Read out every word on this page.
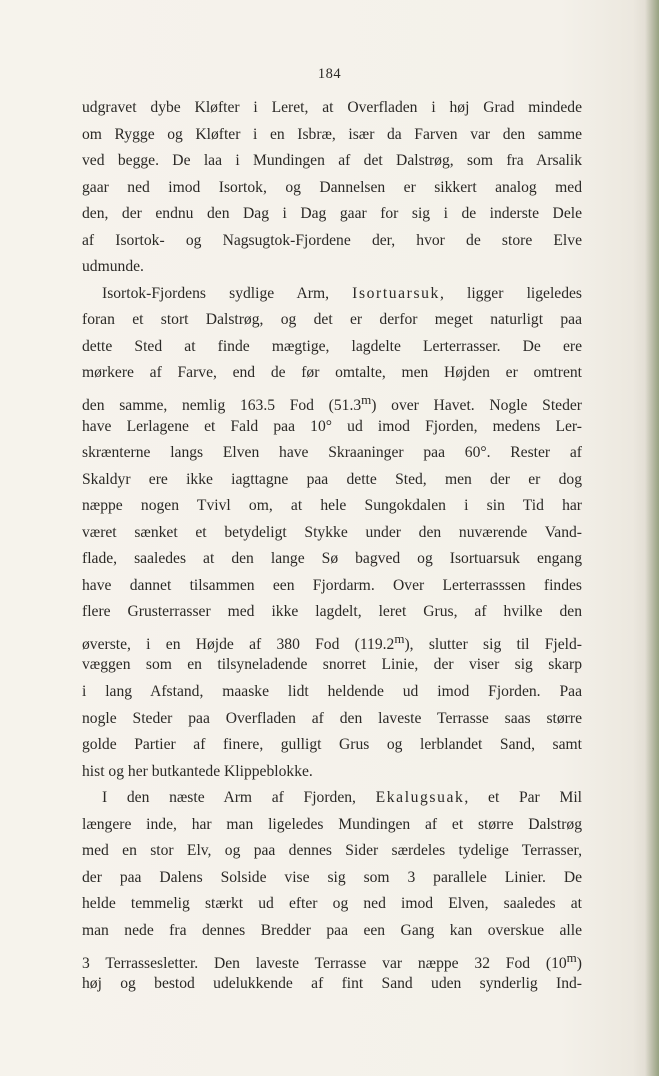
184
udgravet dybe Kløfter i Leret, at Overfladen i høj Grad mindede
om Rygge og Kløfter i en Isbræ, især da Farven var den samme
ved begge. De laa i Mundingen af det Dalstrøg, som fra Arsalik
gaar ned imod Isortok, og Dannelsen er sikkert analog med
den, der endnu den Dag i Dag gaar for sig i de inderste Dele
af Isortok- og Nagsugtok-Fjordene der, hvor de store Elve
udmunde.
Isortok-Fjordens sydlige Arm, Isortuarsuk, ligger ligeledes
foran et stort Dalstrøg, og det er derfor meget naturligt paa
dette Sted at finde mægtige, lagdelte Lerterrasser. De ere
mørkere af Farve, end de før omtalte, men Højden er omtrent
den samme, nemlig 163.5 Fod (51.3$^m$) over Havet. Nogle Steder
have Lerlagene et Fald paa 10° ud imod Fjorden, medens Ler-
skrænterne langs Elven have Skraaninger paa 60°. Rester af
Skaldyr ere ikke iagttagne paa dette Sted, men der er dog
næppe nogen Tvivl om, at hele Sungokdalen i sin Tid har
været sænket et betydeligt Stykke under den nuværende Vand-
flade, saaledes at den lange Sø bagved og Isortuarsuk engang
have dannet tilsammen een Fjordarm. Over Lerterrasssen findes
flere Grusterrasser med ikke lagdelt, leret Grus, af hvilke den
øverste, i en Højde af 380 Fod (119.2$^m$), slutter sig til Fjeld-
væggen som en tilsyneladende snorret Linie, der viser sig skarp
i lang Afstand, maaske lidt heldende ud imod Fjorden. Paa
nogle Steder paa Overfladen af den laveste Terrasse saas større
golde Partier af finere, gulligt Grus og lerblandet Sand, samt
hist og her butkantede Klippeblokke.
I den næste Arm af Fjorden, Ekalugsuak, et Par Mil
længere inde, har man ligeledes Mundingen af et større Dalstrøg
med en stor Elv, og paa dennes Sider særdeles tydelige Terrasser,
der paa Dalens Solside vise sig som 3 parallele Linier. De
helde temmelig stærkt ud efter og ned imod Elven, saaledes at
man nede fra dennes Bredder paa een Gang kan overskue alle
3 Terrassesletter. Den laveste Terrasse var næppe 32 Fod (10$^m$)
høj og bestod udelukkende af fint Sand uden synderlig Ind-
